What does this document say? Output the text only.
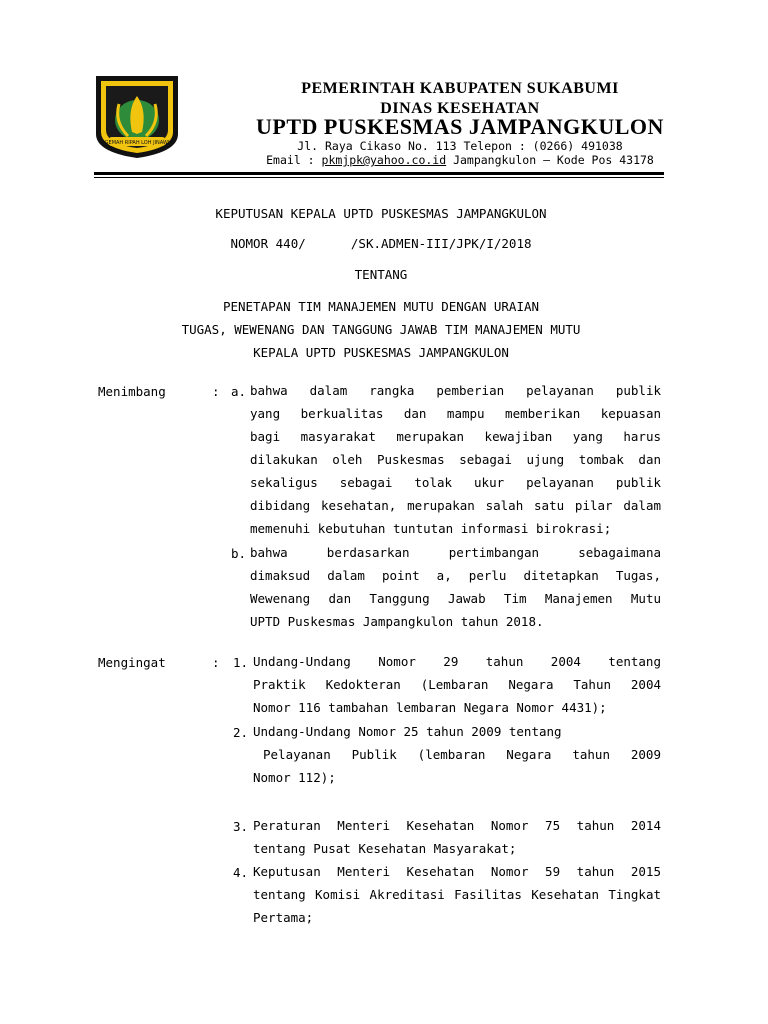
GEMAH RIPAH LOH JINAWI
PEMERINTAH KABUPATEN SUKABUMI
DINAS KESEHATAN
UPTD PUSKESMAS JAMPANGKULON
Jl. Raya Cikaso No. 113 Telepon : (0266) 491038
Email : pkmjpk@yahoo.co.id Jampangkulon – Kode Pos 43178
KEPUTUSAN KEPALA UPTD PUSKESMAS JAMPANGKULON
NOMOR 440/      /SK.ADMEN-III/JPK/I/2018
TENTANG
PENETAPAN TIM MANAJEMEN MUTU DENGAN URAIAN
TUGAS, WEWENANG DAN TANGGUNG JAWAB TIM MANAJEMEN MUTU
KEPALA UPTD PUSKESMAS JAMPANGKULON
Menimbang	: a. bahwa dalam rangka pemberian pelayanan publik
yang berkualitas dan mampu memberikan kepuasan
bagi masyarakat merupakan kewajiban yang harus
dilakukan oleh Puskesmas sebagai ujung tombak dan
sekaligus sebagai tolak ukur pelayanan publik
dibidang kesehatan, merupakan salah satu pilar dalam
memenuhi kebutuhan tuntutan informasi birokrasi;
b. bahwa berdasarkan pertimbangan sebagaimana
dimaksud dalam point a, perlu ditetapkan Tugas,
Wewenang dan Tanggung Jawab Tim Manajemen Mutu
UPTD Puskesmas Jampangkulon tahun 2018.
Mengingat	: 1. Undang-Undang Nomor 29 tahun 2004 tentang
Praktik Kedokteran (Lembaran Negara Tahun 2004
Nomor 116 tambahan lembaran Negara Nomor 4431);
2. Undang-Undang Nomor 25 tahun 2009 tentang
Pelayanan Publik (lembaran Negara tahun 2009
Nomor 112);
3. Peraturan Menteri Kesehatan Nomor 75 tahun 2014
tentang Pusat Kesehatan Masyarakat;
4. Keputusan Menteri Kesehatan Nomor 59 tahun 2015
tentang Komisi Akreditasi Fasilitas Kesehatan Tingkat
Pertama;
